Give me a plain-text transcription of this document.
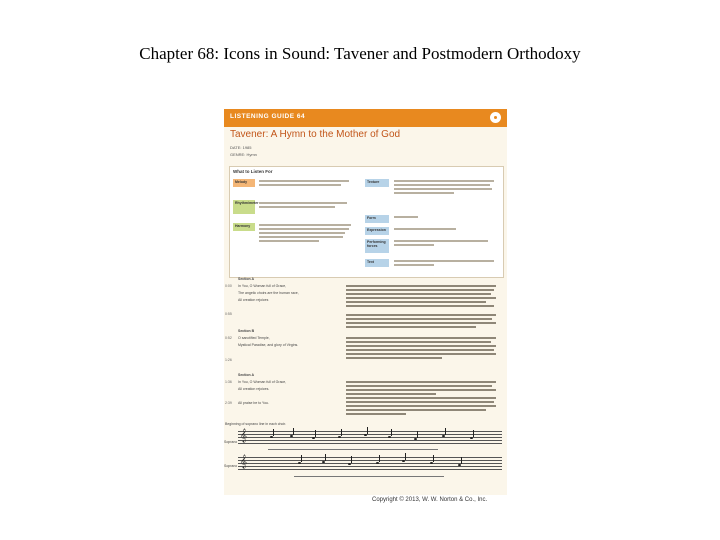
Chapter 68: Icons in Sound: Tavener and Postmodern Orthodoxy
LISTENING GUIDE 64
Tavener: A Hymn to the Mother of God
DATE: 1985
GENRE: Hymn
What to Listen For
Melody
Rhythm/meter
Harmony
Texture
Form
Expression
Performing forces
Text
Section A
0:00 In You, O Woman full of Grace,
The angelic choirs are the human race,
All creation rejoices
0:55
Section B
0:52 O sanctified Temple,
Mystical Paradise, and glory of Virgins.
1:26
Section A
1:36 In You, O Woman full of Grace,
All creation rejoices.
2:39 All praise be to You.
Beginning of soprano line in each choir.
Soprano 𝄞
Soprano 𝄞
Copyright © 2013, W. W. Norton & Co., Inc.
